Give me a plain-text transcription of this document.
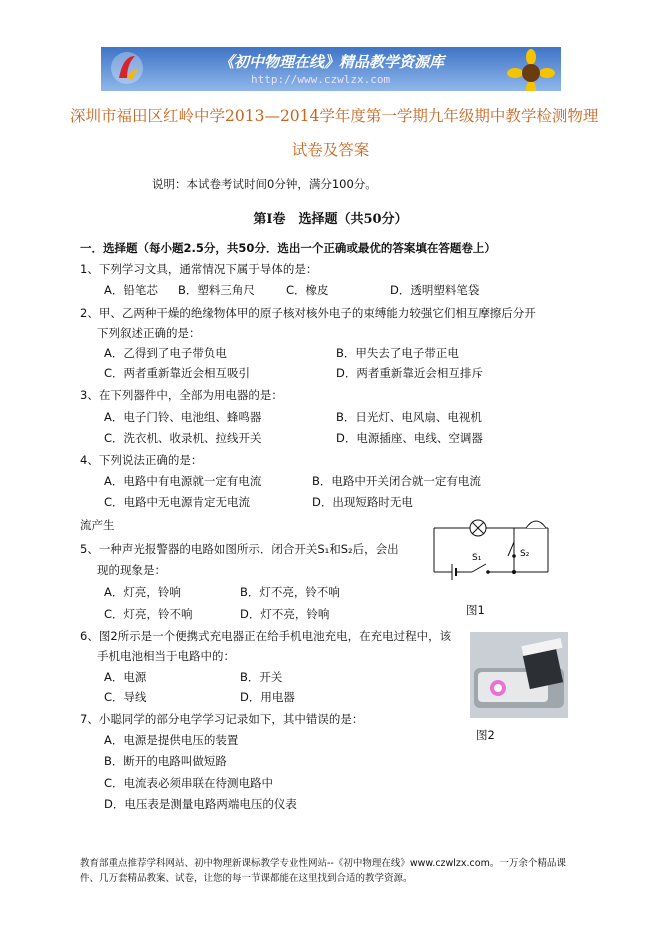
《初中物理在线》精品教学资源库
http://www.czwlzx.com
深圳市福田区红岭中学2013—2014学年度第一学期九年级期中教学检测物理
试卷及答案
说明：本试卷考试时间0分钟，满分100分。
第Ⅰ卷　选择题（共50分）
一．选择题（每小题2.5分，共50分．选出一个正确或最优的答案填在答题卷上）
1、下列学习文具，通常情况下属于导体的是：
A．铅笔芯 B．塑料三角尺	C．橡皮	D．透明塑料笔袋
2、甲、乙两种干燥的绝缘物体甲的原子核对核外电子的束缚能力较强它们相互摩擦后分开
下列叙述正确的是：
A．乙得到了电子带负电	B．甲失去了电子带正电
C．两者重新靠近会相互吸引	D．两者重新靠近会相互排斥
3、在下列器件中，全部为用电器的是：
A．电子门铃、电池组、蜂鸣器	B．日光灯、电风扇、电视机
C．洗衣机、收录机、拉线开关	D．电源插座、电线、空调器
4、下列说法正确的是：
A．电路中有电源就一定有电流	B．电路中开关闭合就一定有电流
C．电路中无电源肯定无电流	D．出现短路时无电
流产生
S₁	S₂
5、一种声光报警器的电路如图所示．闭合开关S₁和S₂后，会出
现的现象是：
A．灯亮，铃响	B．灯不亮，铃不响
C．灯亮，铃不响	D．灯不亮，铃响	图1
6、图2所示是一个便携式充电器正在给手机电池充电，在充电过程中，该
手机电池相当于电路中的：
A．电源	B．开关
C．导线	D．用电器
图2
7、小聪同学的部分电学学习记录如下，其中错误的是：
A．电源是提供电压的装置
B．断开的电路叫做短路
C．电流表必须串联在待测电路中
D．电压表是测量电路两端电压的仪表
教育部重点推荐学科网站、初中物理新课标教学专业性网站--《初中物理在线》www.czwlzx.com。一万余个精品课
件、几万套精品教案、试卷，让您的每一节课都能在这里找到合适的教学资源。
